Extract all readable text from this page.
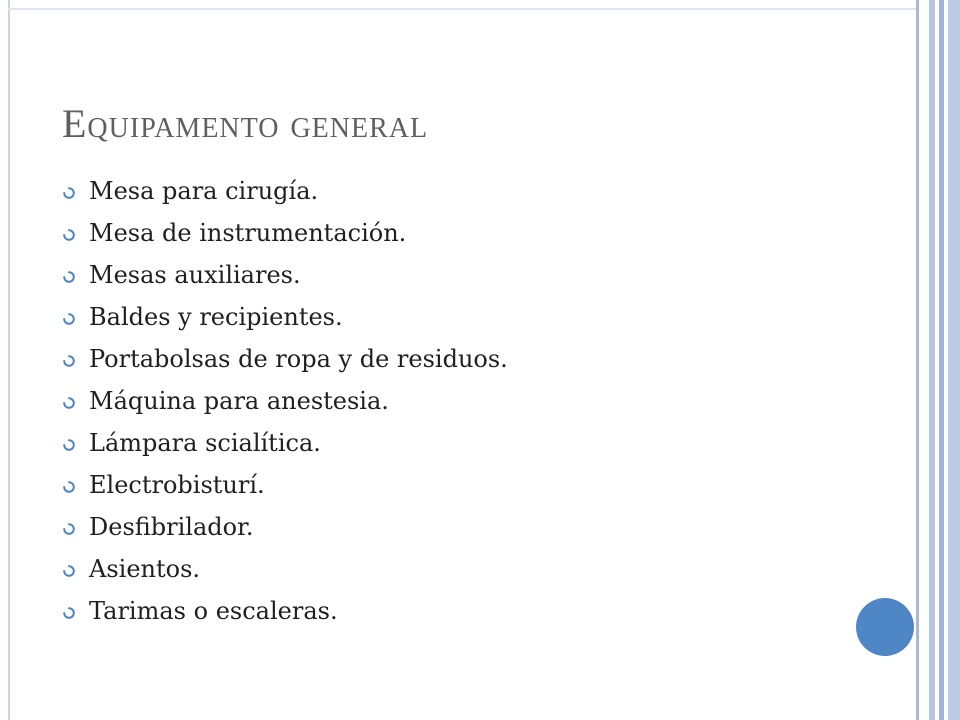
Equipamento general
Mesa para cirugía.
Mesa de instrumentación.
Mesas auxiliares.
Baldes y recipientes.
Portabolsas de ropa y de residuos.
Máquina para anestesia.
Lámpara scialítica.
Electrobisturí.
Desfibrilador.
Asientos.
Tarimas o escaleras.
